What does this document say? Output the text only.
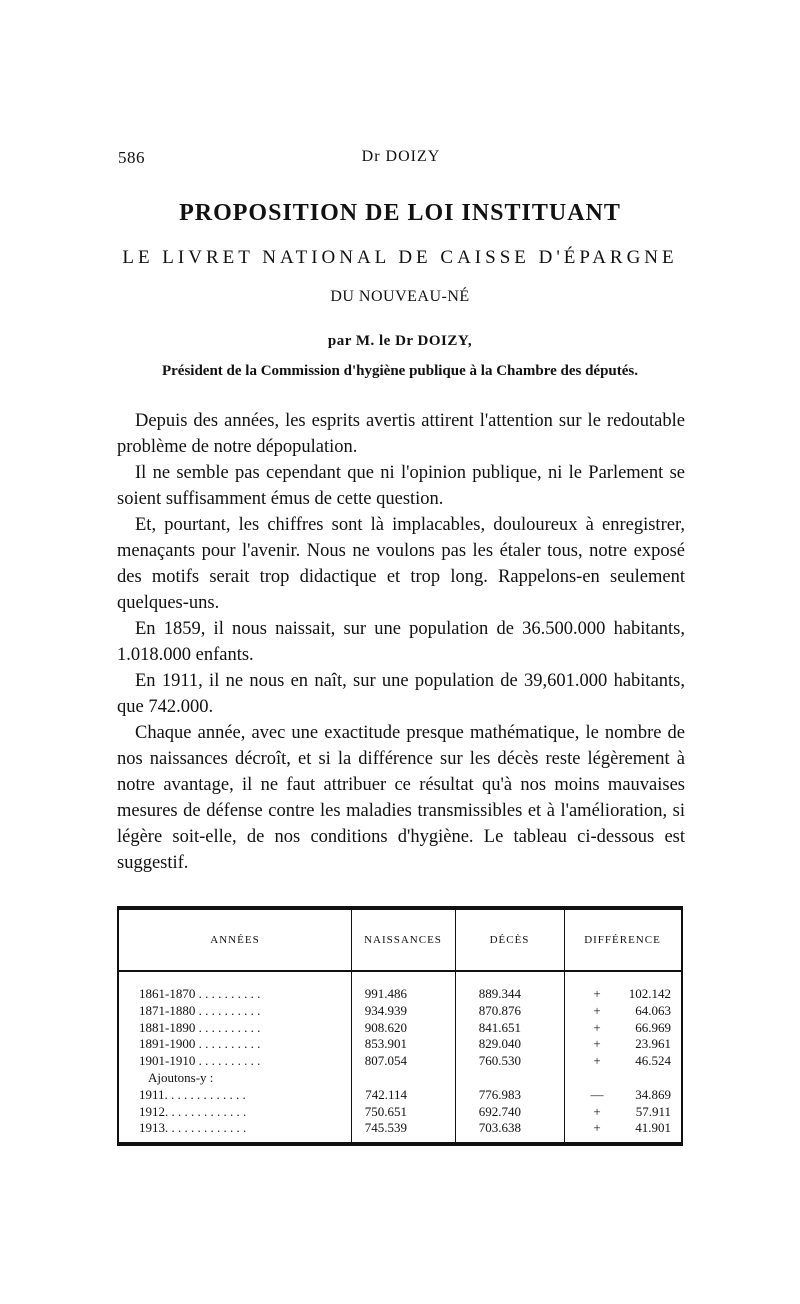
586	Dr DOIZY
PROPOSITION DE LOI INSTITUANT
LE LIVRET NATIONAL DE CAISSE D'ÉPARGNE
DU NOUVEAU-NÉ
par M. le Dr DOIZY,
Président de la Commission d'hygiène publique à la Chambre des députés.

Depuis des années, les esprits avertis attirent l'attention sur le redoutable problème de notre dépopulation.

Il ne semble pas cependant que ni l'opinion publique, ni le Parlement se soient suffisamment émus de cette question.

Et, pourtant, les chiffres sont là implacables, douloureux à enregistrer, menaçants pour l'avenir. Nous ne voulons pas les étaler tous, notre exposé des motifs serait trop didactique et trop long. Rappelons-en seulement quelques-uns.

En 1859, il nous naissait, sur une population de 36.500.000 habitants, 1.018.000 enfants.

En 1911, il ne nous en naît, sur une population de 39,601.000 habitants, que 742.000.

Chaque année, avec une exactitude presque mathématique, le nombre de nos naissances décroît, et si la différence sur les décès reste légèrement à notre avantage, il ne faut attribuer ce résultat qu'à nos moins mauvaises mesures de défense contre les maladies transmissibles et à l'amélioration, si légère soit-elle, de nos conditions d'hygiène. Le tableau ci-dessous est suggestif.

ANNÉES	NAISSANCES	DÉCÈS	DIFFÉRENCE
1861-1870 . . . . . . . . . .	991.486	889.344	+	102.142
1871-1880 . . . . . . . . . .	934.939	870.876	+	64.063
1881-1890 . . . . . . . . . .	908.620	841.651	+	66.969
1891-1900 . . . . . . . . . .	853.901	829.040	+	23.961
1901-1910 . . . . . . . . . .	807.054	760.530	+	46.524
Ajoutons-y :
1911. . . . . . . . . . . . .	742.114	776.983	—	34.869
1912. . . . . . . . . . . . .	750.651	692.740	+	57.911
1913. . . . . . . . . . . . .	745.539	703.638	+	41.901
